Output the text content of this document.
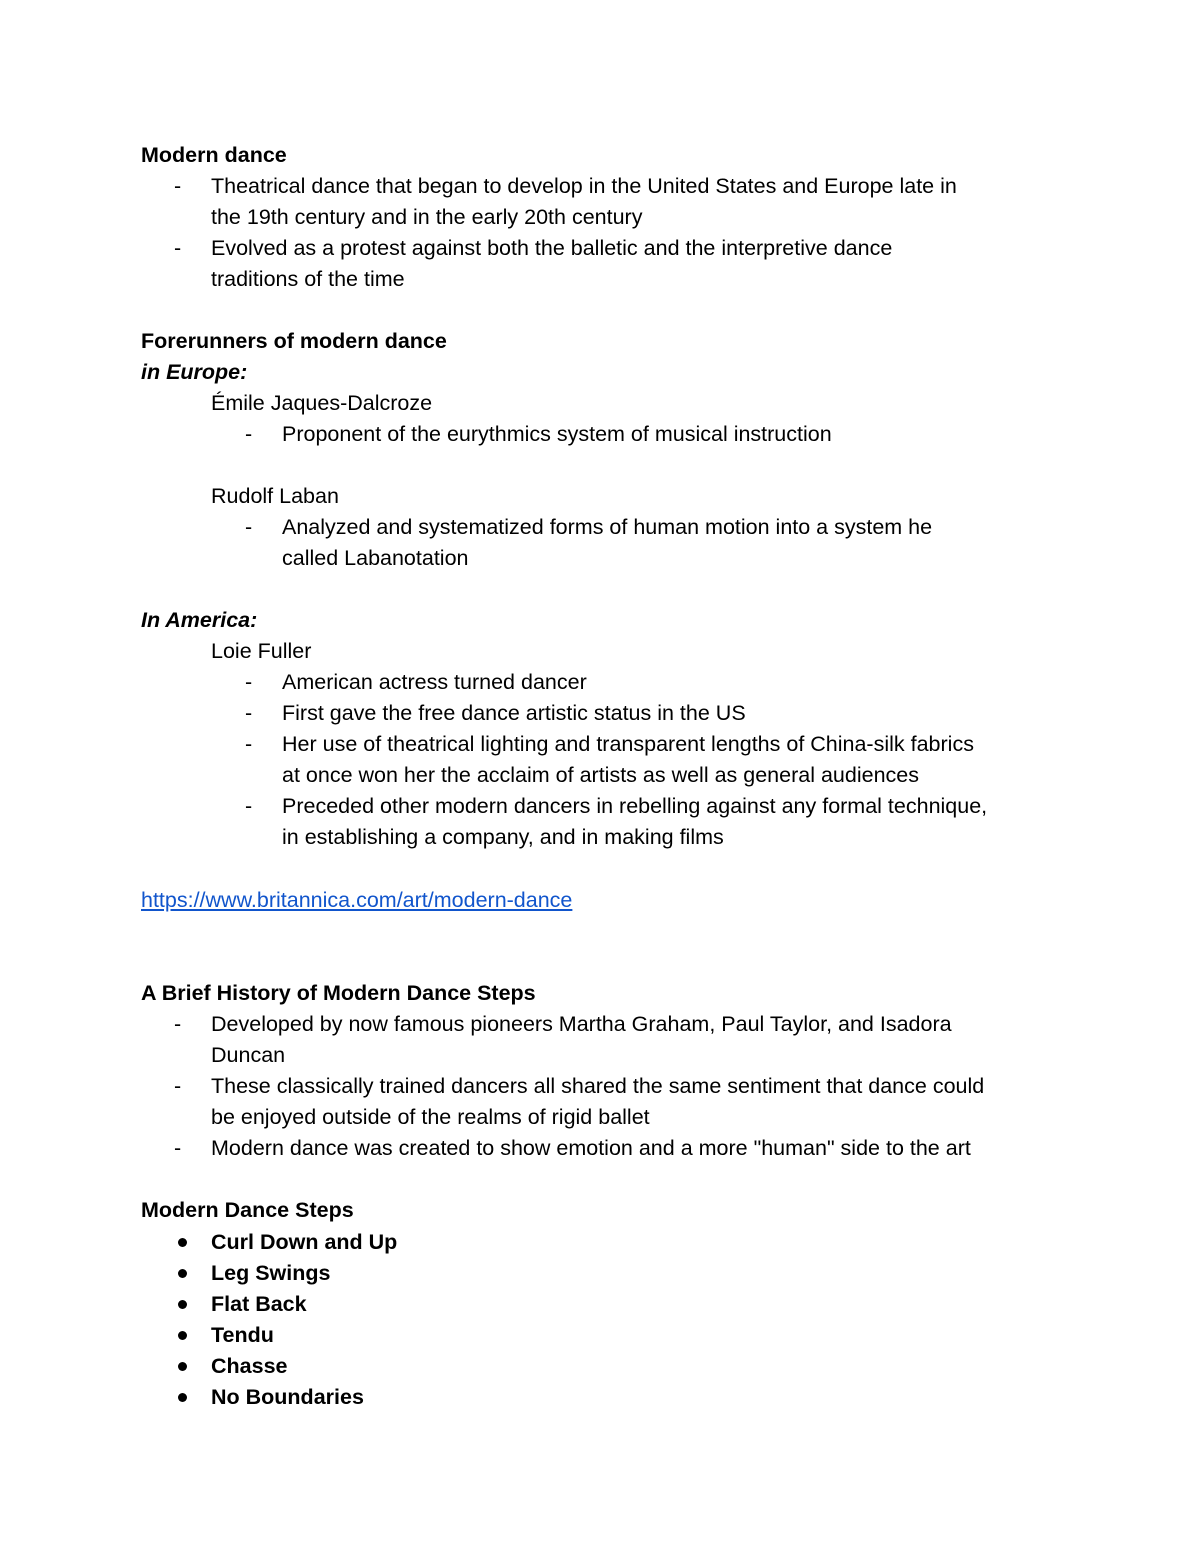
Modern dance
- Theatrical dance that began to develop in the United States and Europe late in
the 19th century and in the early 20th century
- Evolved as a protest against both the balletic and the interpretive dance
traditions of the time
Forerunners of modern dance
in Europe:
Émile Jaques-Dalcroze
- Proponent of the eurythmics system of musical instruction
Rudolf Laban
- Analyzed and systematized forms of human motion into a system he
called Labanotation
In America:
Loie Fuller
- American actress turned dancer
- First gave the free dance artistic status in the US
- Her use of theatrical lighting and transparent lengths of China-silk fabrics
at once won her the acclaim of artists as well as general audiences
- Preceded other modern dancers in rebelling against any formal technique,
in establishing a company, and in making films
https://www.britannica.com/art/modern-dance
A Brief History of Modern Dance Steps
- Developed by now famous pioneers Martha Graham, Paul Taylor, and Isadora
Duncan
- These classically trained dancers all shared the same sentiment that dance could
be enjoyed outside of the realms of rigid ballet
- Modern dance was created to show emotion and a more "human" side to the art
Modern Dance Steps
Curl Down and Up
Leg Swings
Flat Back
Tendu
Chasse
No Boundaries
